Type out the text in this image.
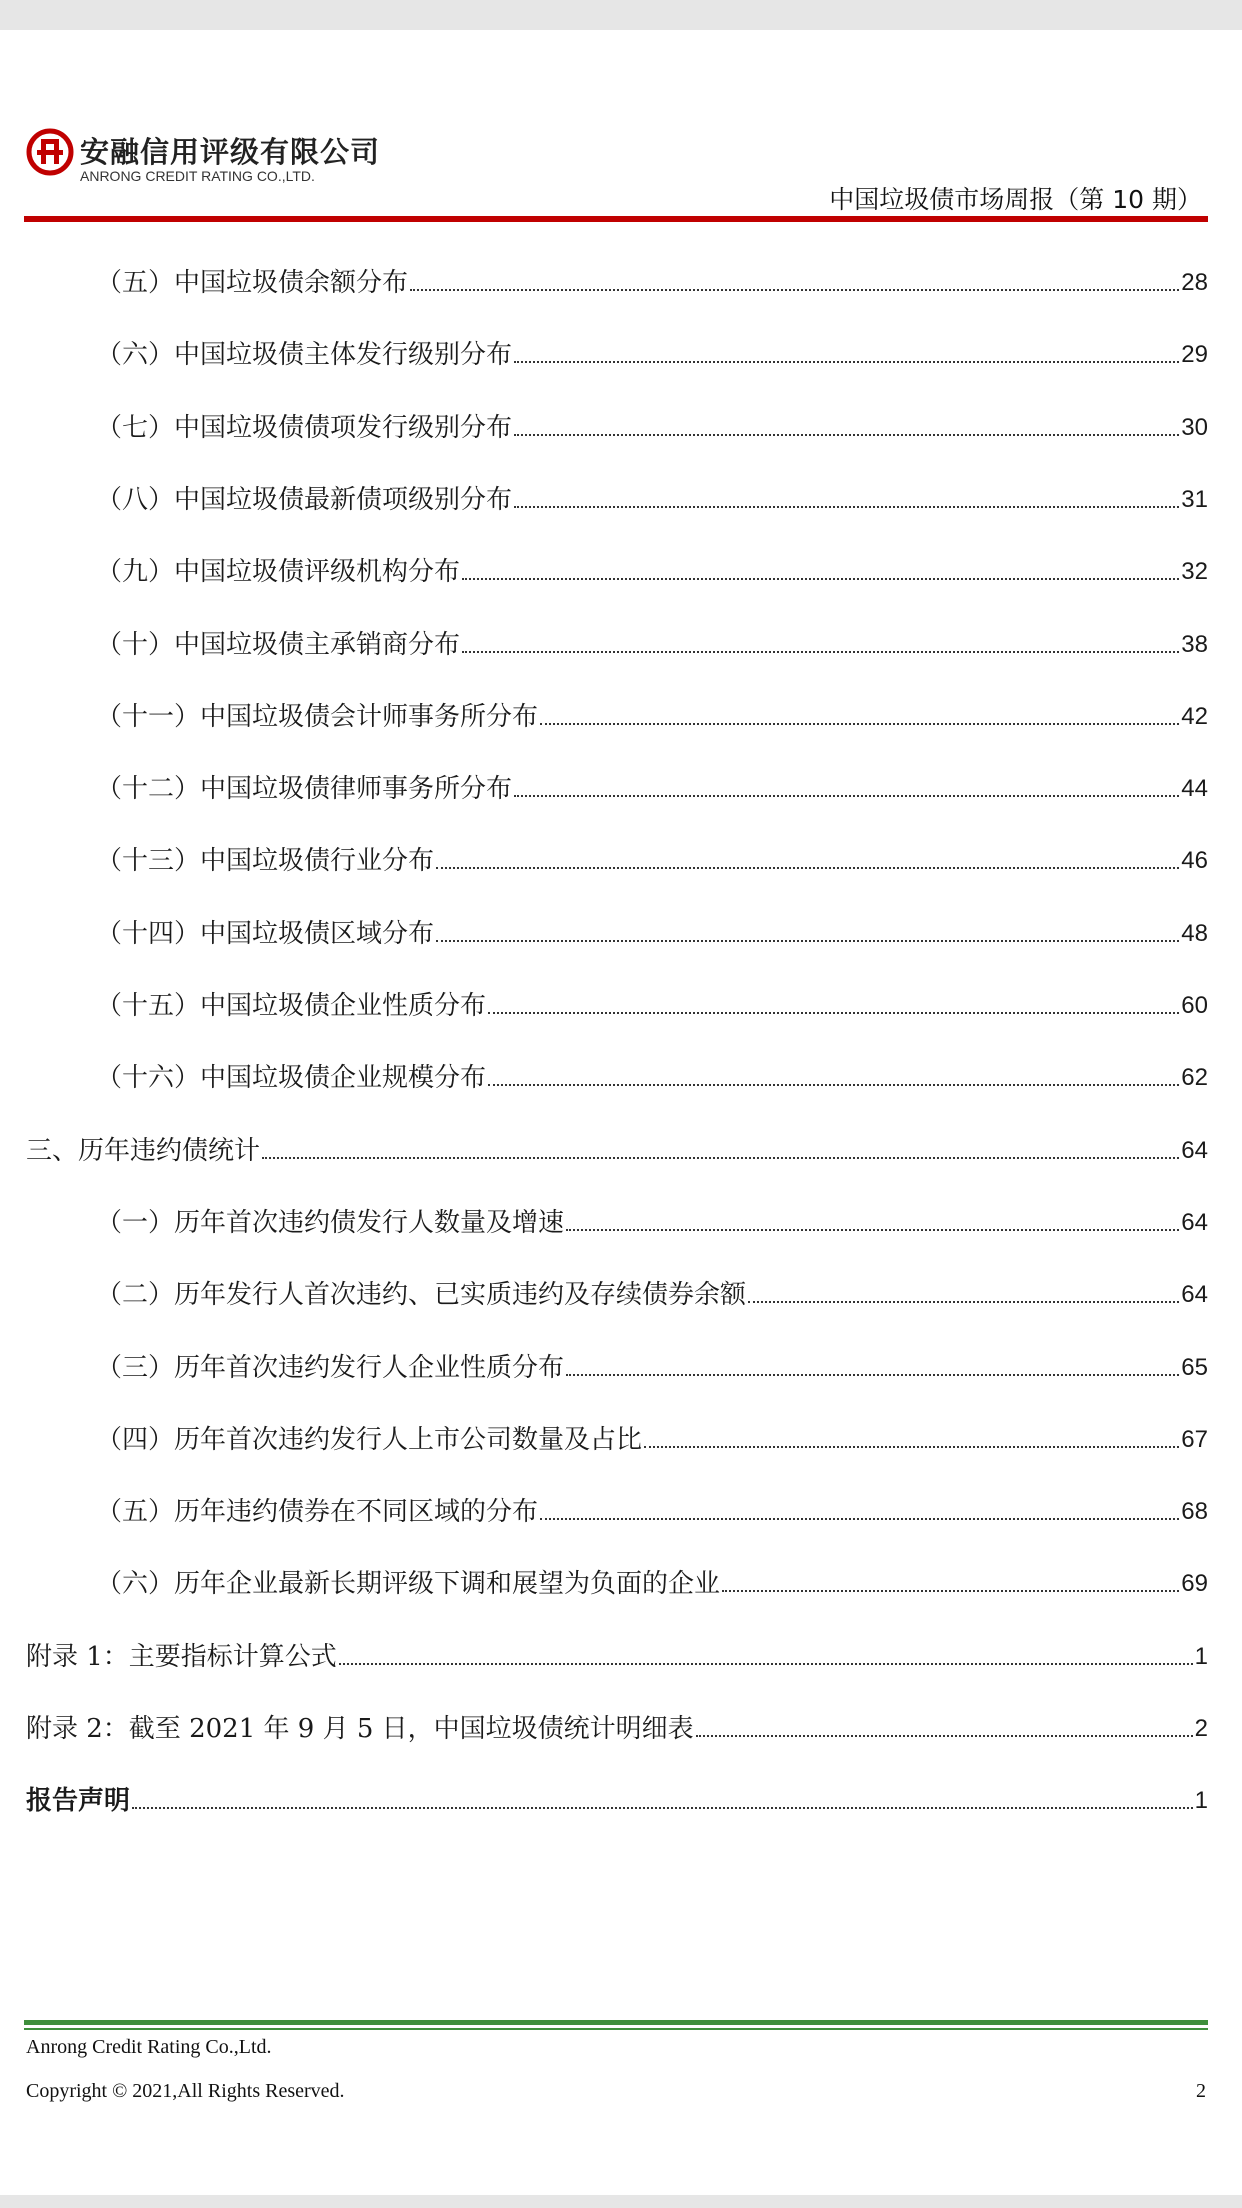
安融信用评级有限公司
ANRONG CREDIT RATING CO.,LTD.
中国垃圾债市场周报（第 10 期）
（五）中国垃圾债余额分布	28
（六）中国垃圾债主体发行级别分布	29
（七）中国垃圾债债项发行级别分布	30
（八）中国垃圾债最新债项级别分布	31
（九）中国垃圾债评级机构分布	32
（十）中国垃圾债主承销商分布	38
（十一）中国垃圾债会计师事务所分布	42
（十二）中国垃圾债律师事务所分布	44
（十三）中国垃圾债行业分布	46
（十四）中国垃圾债区域分布	48
（十五）中国垃圾债企业性质分布	60
（十六）中国垃圾债企业规模分布	62
三、历年违约债统计	64
（一）历年首次违约债发行人数量及增速	64
（二）历年发行人首次违约、已实质违约及存续债券余额	64
（三）历年首次违约发行人企业性质分布	65
（四）历年首次违约发行人上市公司数量及占比	67
（五）历年违约债券在不同区域的分布	68
（六）历年企业最新长期评级下调和展望为负面的企业	69
附录 1：主要指标计算公式	1
附录 2：截至 2021 年 9 月 5 日，中国垃圾债统计明细表	2
报告声明	1
Anrong Credit Rating Co.,Ltd.
Copyright © 2021,All Rights Reserved.	2
